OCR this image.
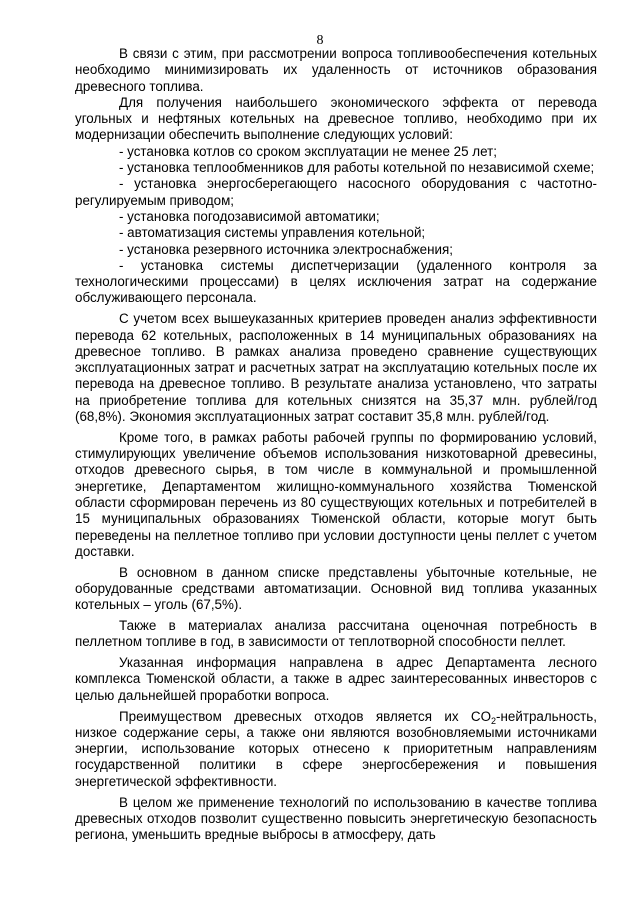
8

В связи с этим, при рассмотрении вопроса топливообеспечения котельных необходимо минимизировать их удаленность от источников образования древесного топлива.

Для получения наибольшего экономического эффекта от перевода угольных и нефтяных котельных на древесное топливо, необходимо при их модернизации обеспечить выполнение следующих условий:

- установка котлов со сроком эксплуатации не менее 25 лет;

- установка теплообменников для работы котельной по независимой схеме;

- установка энергосберегающего насосного оборудования с частотно-регулируемым приводом;

- установка погодозависимой автоматики;

- автоматизация системы управления котельной;

- установка резервного источника электроснабжения;

- установка системы диспетчеризации (удаленного контроля за технологическими процессами) в целях исключения затрат на содержание обслуживающего персонала.

С учетом всех вышеуказанных критериев проведен анализ эффективности перевода 62 котельных, расположенных в 14 муниципальных образованиях на древесное топливо. В рамках анализа проведено сравнение существующих эксплуатационных затрат и расчетных затрат на эксплуатацию котельных после их перевода на древесное топливо. В результате анализа установлено, что затраты на приобретение топлива для котельных снизятся на 35,37 млн. рублей/год (68,8%). Экономия эксплуатационных затрат составит 35,8 млн. рублей/год.

Кроме того, в рамках работы рабочей группы по формированию условий, стимулирующих увеличение объемов использования низкотоварной древесины, отходов древесного сырья, в том числе в коммунальной и промышленной энергетике, Департаментом жилищно-коммунального хозяйства Тюменской области сформирован перечень из 80 существующих котельных и потребителей в 15 муниципальных образованиях Тюменской области, которые могут быть переведены на пеллетное топливо при условии доступности цены пеллет с учетом доставки.

В основном в данном списке представлены убыточные котельные, не оборудованные средствами автоматизации. Основной вид топлива указанных котельных – уголь (67,5%).

Также в материалах анализа рассчитана оценочная потребность в пеллетном топливе в год, в зависимости от теплотворной способности пеллет.

Указанная информация направлена в адрес Департамента лесного комплекса Тюменской области, а также в адрес заинтересованных инвесторов с целью дальнейшей проработки вопроса.

Преимуществом древесных отходов является их $CO_2$-нейтральность, низкое содержание серы, а также они являются возобновляемыми источниками энергии, использование которых отнесено к приоритетным направлениям государственной политики в сфере энергосбережения и повышения энергетической эффективности.

В целом же применение технологий по использованию в качестве топлива древесных отходов позволит существенно повысить энергетическую безопасность региона, уменьшить вредные выбросы в атмосферу, дать
